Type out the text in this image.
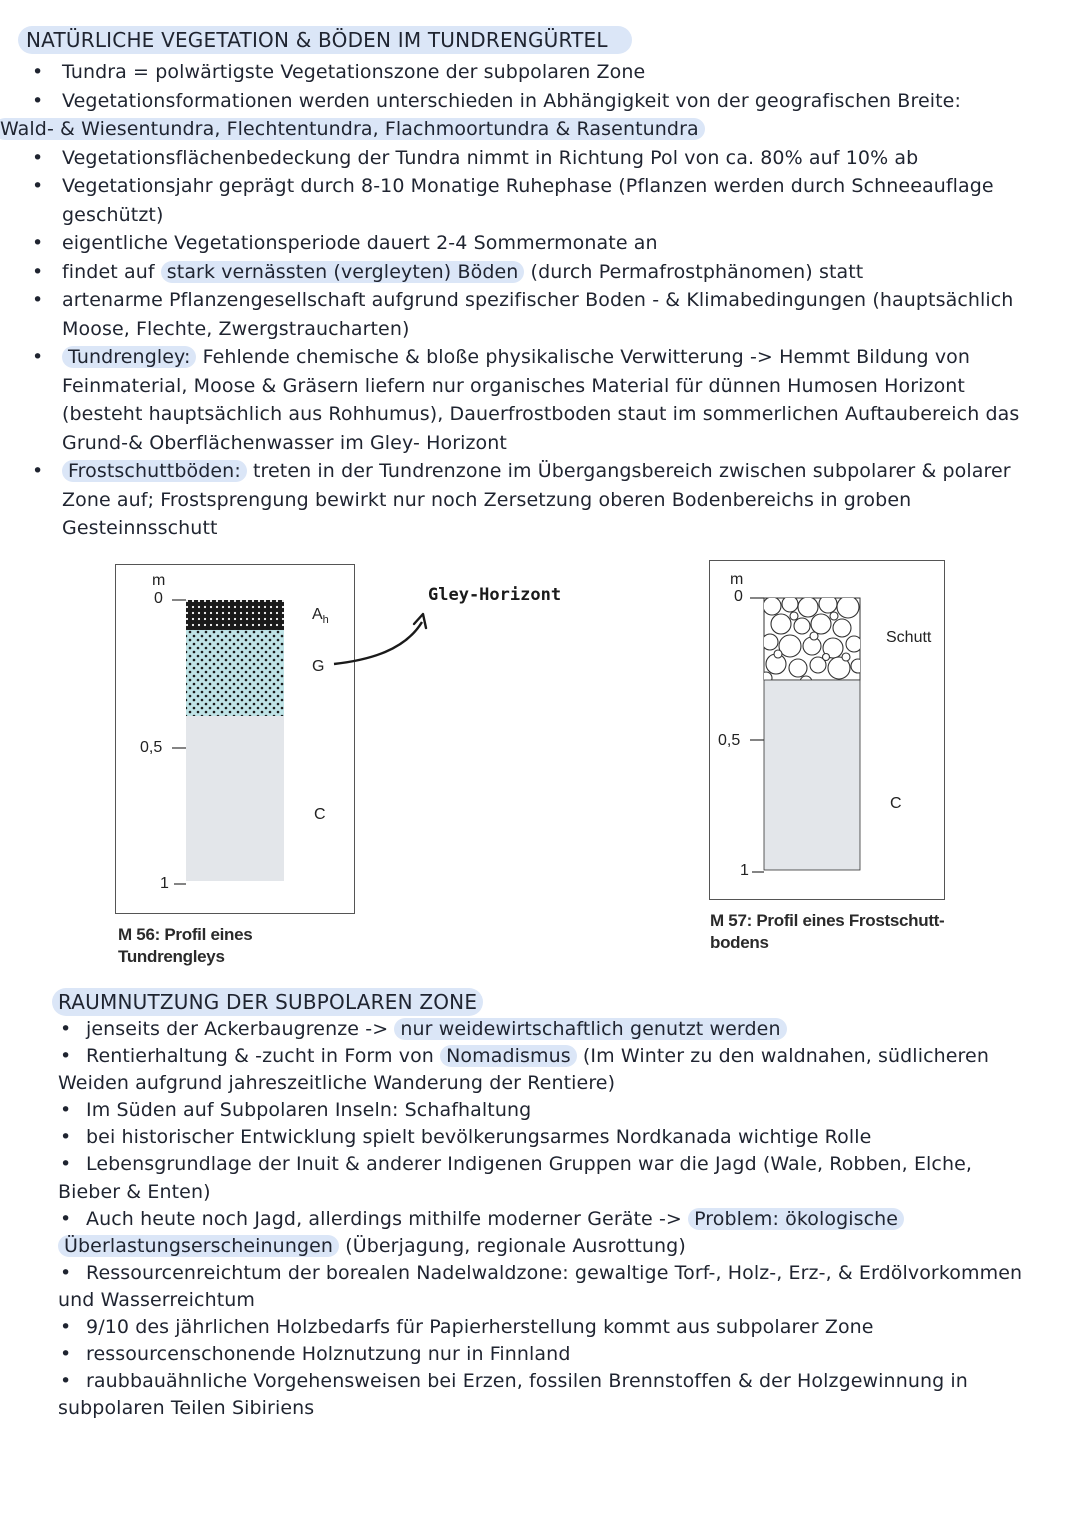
NATÜRLICHE VEGETATION & BÖDEN IM TUNDRENGÜRTEL
• Tundra = polwärtigste Vegetationszone der subpolaren Zone
• Vegetationsformationen werden unterschieden in Abhängigkeit von der geografischen Breite:
Wald- & Wiesentundra, Flechtentundra, Flachmoortundra & Rasentundra
• Vegetationsflächenbedeckung der Tundra nimmt in Richtung Pol von ca. 80% auf 10% ab
• Vegetationsjahr geprägt durch 8-10 Monatige Ruhephase (Pflanzen werden durch Schneeauflage geschützt)
• eigentliche Vegetationsperiode dauert 2-4 Sommermonate an
• findet auf stark vernässten (vergleyten) Böden (durch Permafrostphänomen) statt
• artenarme Pflanzengesellschaft aufgrund spezifischer Boden - & Klimabedingungen (hauptsächlich Moose, Flechte, Zwergstraucharten)
• Tundrengley: Fehlende chemische & bloße physikalische Verwitterung -> Hemmt Bildung von Feinmaterial, Moose & Gräsern liefern nur organisches Material für dünnen Humosen Horizont (besteht hauptsächlich aus Rohhumus), Dauerfrostboden staut im sommerlichen Auftaubereich das Grund-& Oberflächenwasser im Gley- Horizont
• Frostschuttböden: treten in der Tundrenzone im Übergangsbereich zwischen subpolarer & polarer Zone auf; Frostsprengung bewirkt nur noch Zersetzung oberen Bodenbereichs in groben Gesteinnsschutt
m
0
0,5
1
$A_h$
G
C
M 56: Profil eines Tundrengleys
Gley-Horizont
m
0
0,5
1
Schutt
C
M 57: Profil eines Frostschutt-
bodens
RAUMNUTZUNG DER SUBPOLAREN ZONE
• jenseits der Ackerbaugrenze -> nur weidewirtschaftlich genutzt werden
• Rentierhaltung & -zucht in Form von Nomadismus (Im Winter zu den waldnahen, südlicheren
Weiden aufgrund jahreszeitliche Wanderung der Rentiere)
• Im Süden auf Subpolaren Inseln: Schafhaltung
• bei historischer Entwicklung spielt bevölkerungsarmes Nordkanada wichtige Rolle
• Lebensgrundlage der Inuit & anderer Indigenen Gruppen war die Jagd (Wale, Robben, Elche,
Bieber & Enten)
• Auch heute noch Jagd, allerdings mithilfe moderner Geräte -> Problem: ökologische
Überlastungserscheinungen (Überjagung, regionale Ausrottung)
• Ressourcenreichtum der borealen Nadelwaldzone: gewaltige Torf-, Holz-, Erz-, & Erdölvorkommen
und Wasserreichtum
• 9/10 des jährlichen Holzbedarfs für Papierherstellung kommt aus subpolarer Zone
• ressourcenschonende Holznutzung nur in Finnland
• raubbauähnliche Vorgehensweisen bei Erzen, fossilen Brennstoffen & der Holzgewinnung in
subpolaren Teilen Sibiriens
